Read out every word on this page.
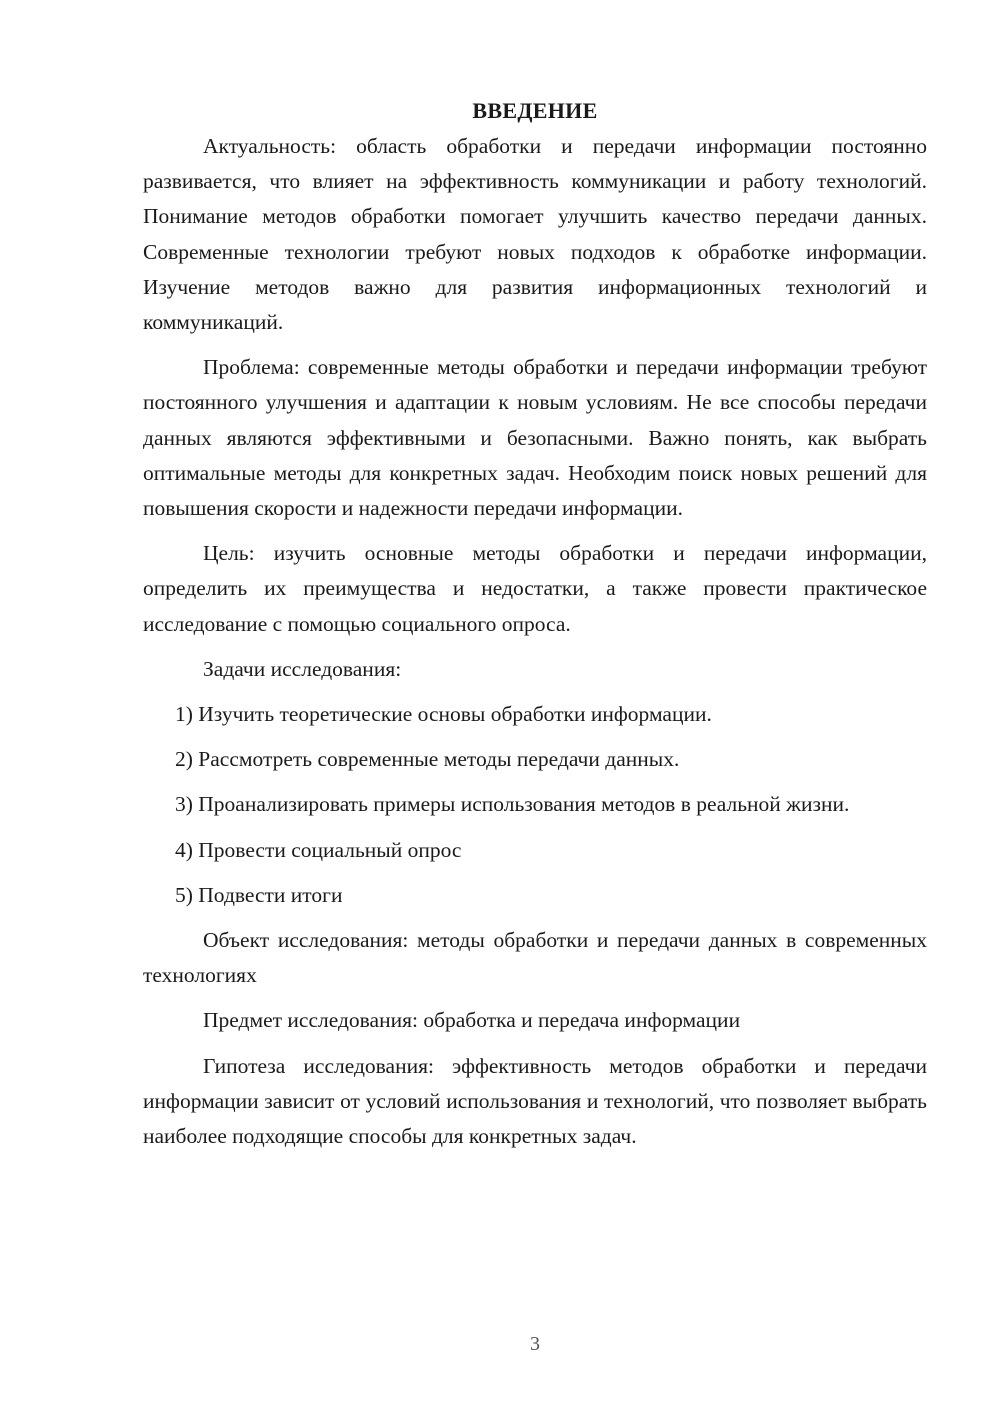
ВВЕДЕНИЕ

Актуальность: область обработки и передачи информации постоянно развивается, что влияет на эффективность коммуникации и работу технологий. Понимание методов обработки помогает улучшить качество передачи данных. Современные технологии требуют новых подходов к обработке информации. Изучение методов важно для развития информационных технологий и коммуникаций.

Проблема: современные методы обработки и передачи информации требуют постоянного улучшения и адаптации к новым условиям. Не все способы передачи данных являются эффективными и безопасными. Важно понять, как выбрать оптимальные методы для конкретных задач. Необходим поиск новых решений для повышения скорости и надежности передачи информации.

Цель: изучить основные методы обработки и передачи информации, определить их преимущества и недостатки, а также провести практическое исследование с помощью социального опроса.

Задачи исследования:

1) Изучить теоретические основы обработки информации.

2) Рассмотреть современные методы передачи данных.

3) Проанализировать примеры использования методов в реальной жизни.

4) Провести социальный опрос

5) Подвести итоги

Объект исследования: методы обработки и передачи данных в современных технологиях

Предмет исследования: обработка и передача информации

Гипотеза исследования: эффективность методов обработки и передачи информации зависит от условий использования и технологий, что позволяет выбрать наиболее подходящие способы для конкретных задач.

3
